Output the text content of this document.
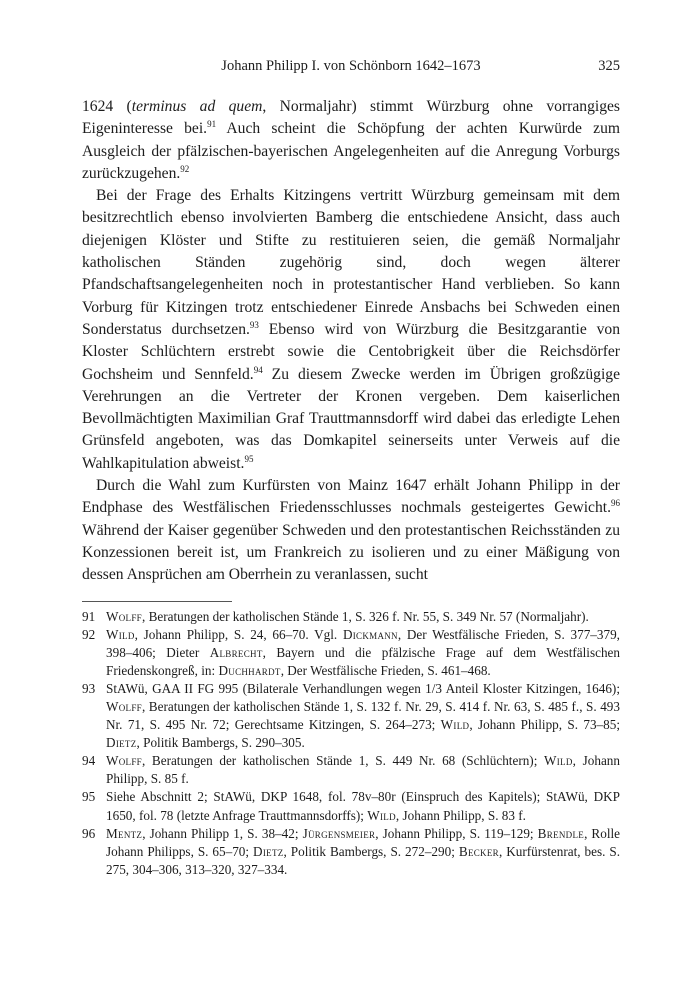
Johann Philipp I. von Schönborn 1642–1673	325

1624 (terminus ad quem, Normaljahr) stimmt Würzburg ohne vorrangiges Eigeninteresse bei.$^{91}$ Auch scheint die Schöpfung der achten Kurwürde zum Ausgleich der pfälzischen-bayerischen Angelegenheiten auf die Anregung Vorburgs zurückzugehen.$^{92}$

Bei der Frage des Erhalts Kitzingens vertritt Würzburg gemeinsam mit dem besitzrechtlich ebenso involvierten Bamberg die entschiedene Ansicht, dass auch diejenigen Klöster und Stifte zu restituieren seien, die gemäß Normaljahr katholischen Ständen zugehörig sind, doch wegen älterer Pfandschaftsangelegenheiten noch in protestantischer Hand verblieben. So kann Vorburg für Kitzingen trotz entschiedener Einrede Ansbachs bei Schweden einen Sonderstatus durchsetzen.$^{93}$ Ebenso wird von Würzburg die Besitzgarantie von Kloster Schlüchtern erstrebt sowie die Centobrigkeit über die Reichsdörfer Gochsheim und Sennfeld.$^{94}$ Zu diesem Zwecke werden im Übrigen großzügige Verehrungen an die Vertreter der Kronen vergeben. Dem kaiserlichen Bevollmächtigten Maximilian Graf Trauttmannsdorff wird dabei das erledigte Lehen Grünsfeld angeboten, was das Domkapitel seinerseits unter Verweis auf die Wahlkapitulation abweist.$^{95}$

Durch die Wahl zum Kurfürsten von Mainz 1647 erhält Johann Philipp in der Endphase des Westfälischen Friedensschlusses nochmals gesteigertes Gewicht.$^{96}$ Während der Kaiser gegenüber Schweden und den protestantischen Reichsständen zu Konzessionen bereit ist, um Frankreich zu isolieren und zu einer Mäßigung von dessen Ansprüchen am Oberrhein zu veranlassen, sucht

91 Wolff, Beratungen der katholischen Stände 1, S. 326 f. Nr. 55, S. 349 Nr. 57 (Normaljahr).
92 Wild, Johann Philipp, S. 24, 66–70. Vgl. Dickmann, Der Westfälische Frieden, S. 377–379, 398–406; Dieter Albrecht, Bayern und die pfälzische Frage auf dem Westfälischen Friedenskongreß, in: Duchhardt, Der Westfälische Frieden, S. 461–468.
93 StAWü, GAA II FG 995 (Bilaterale Verhandlungen wegen 1/3 Anteil Kloster Kitzingen, 1646); Wolff, Beratungen der katholischen Stände 1, S. 132 f. Nr. 29, S. 414 f. Nr. 63, S. 485 f., S. 493 Nr. 71, S. 495 Nr. 72; Gerechtsame Kitzingen, S. 264–273; Wild, Johann Philipp, S. 73–85; Dietz, Politik Bambergs, S. 290–305.
94 Wolff, Beratungen der katholischen Stände 1, S. 449 Nr. 68 (Schlüchtern); Wild, Johann Philipp, S. 85 f.
95 Siehe Abschnitt 2; StAWü, DKP 1648, fol. 78v–80r (Einspruch des Kapitels); StAWü, DKP 1650, fol. 78 (letzte Anfrage Trauttmannsdorffs); Wild, Johann Philipp, S. 83 f.
96 Mentz, Johann Philipp 1, S. 38–42; Jürgensmeier, Johann Philipp, S. 119–129; Brendle, Rolle Johann Philipps, S. 65–70; Dietz, Politik Bambergs, S. 272–290; Becker, Kurfürstenrat, bes. S. 275, 304–306, 313–320, 327–334.
